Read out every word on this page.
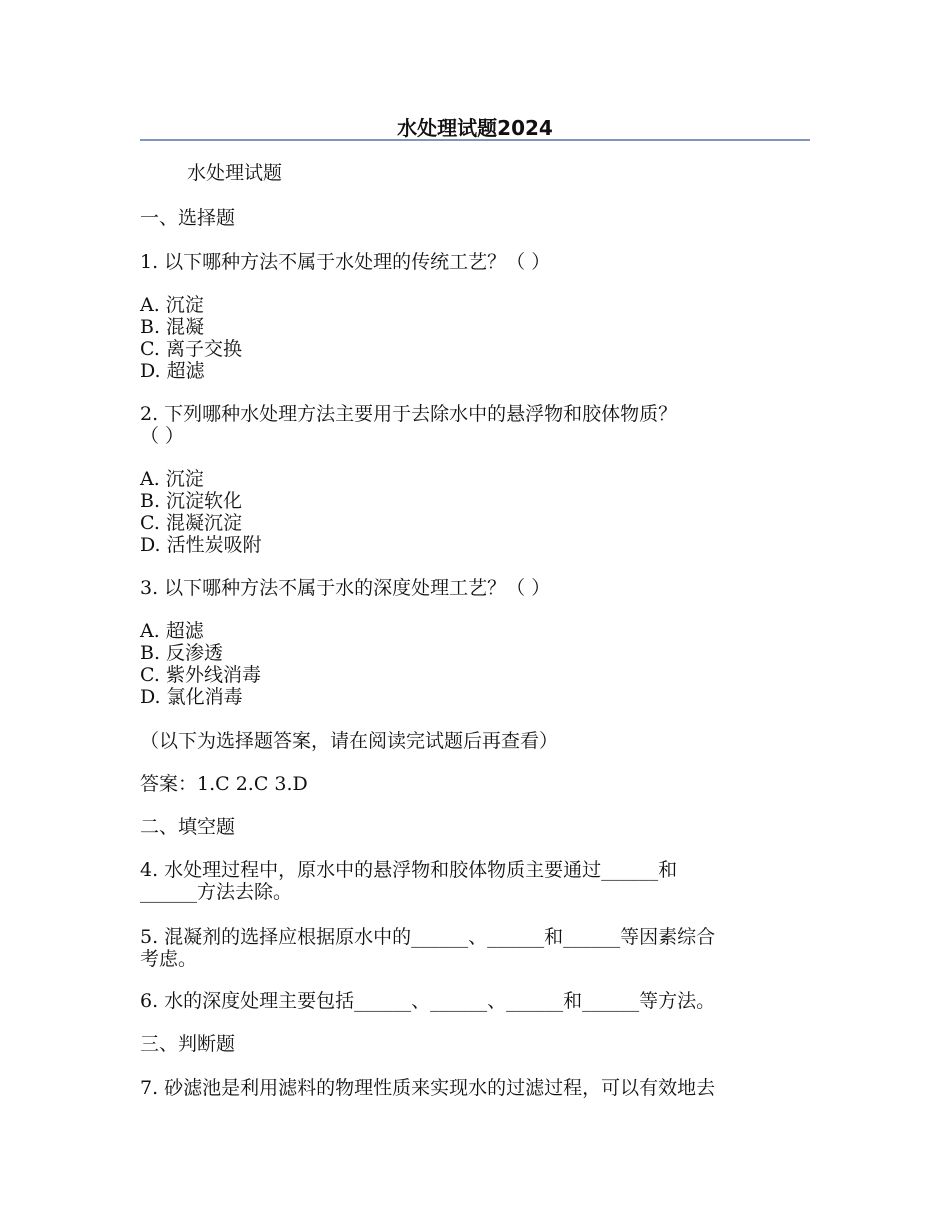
水处理试题2024
水处理试题
一、选择题
1. 以下哪种方法不属于水处理的传统工艺？（ ）
A. 沉淀
B. 混凝
C. 离子交换
D. 超滤
2. 下列哪种水处理方法主要用于去除水中的悬浮物和胶体物质？
（ ）
A. 沉淀
B. 沉淀软化
C. 混凝沉淀
D. 活性炭吸附
3. 以下哪种方法不属于水的深度处理工艺？（ ）
A. 超滤
B. 反渗透
C. 紫外线消毒
D. 氯化消毒
（以下为选择题答案，请在阅读完试题后再查看）
答案：1.C 2.C 3.D
二、填空题
4. 水处理过程中，原水中的悬浮物和胶体物质主要通过______和
______方法去除。
5. 混凝剂的选择应根据原水中的______、______和______等因素综合
考虑。
6. 水的深度处理主要包括______、______、______和______等方法。
三、判断题
7. 砂滤池是利用滤料的物理性质来实现水的过滤过程，可以有效地去
